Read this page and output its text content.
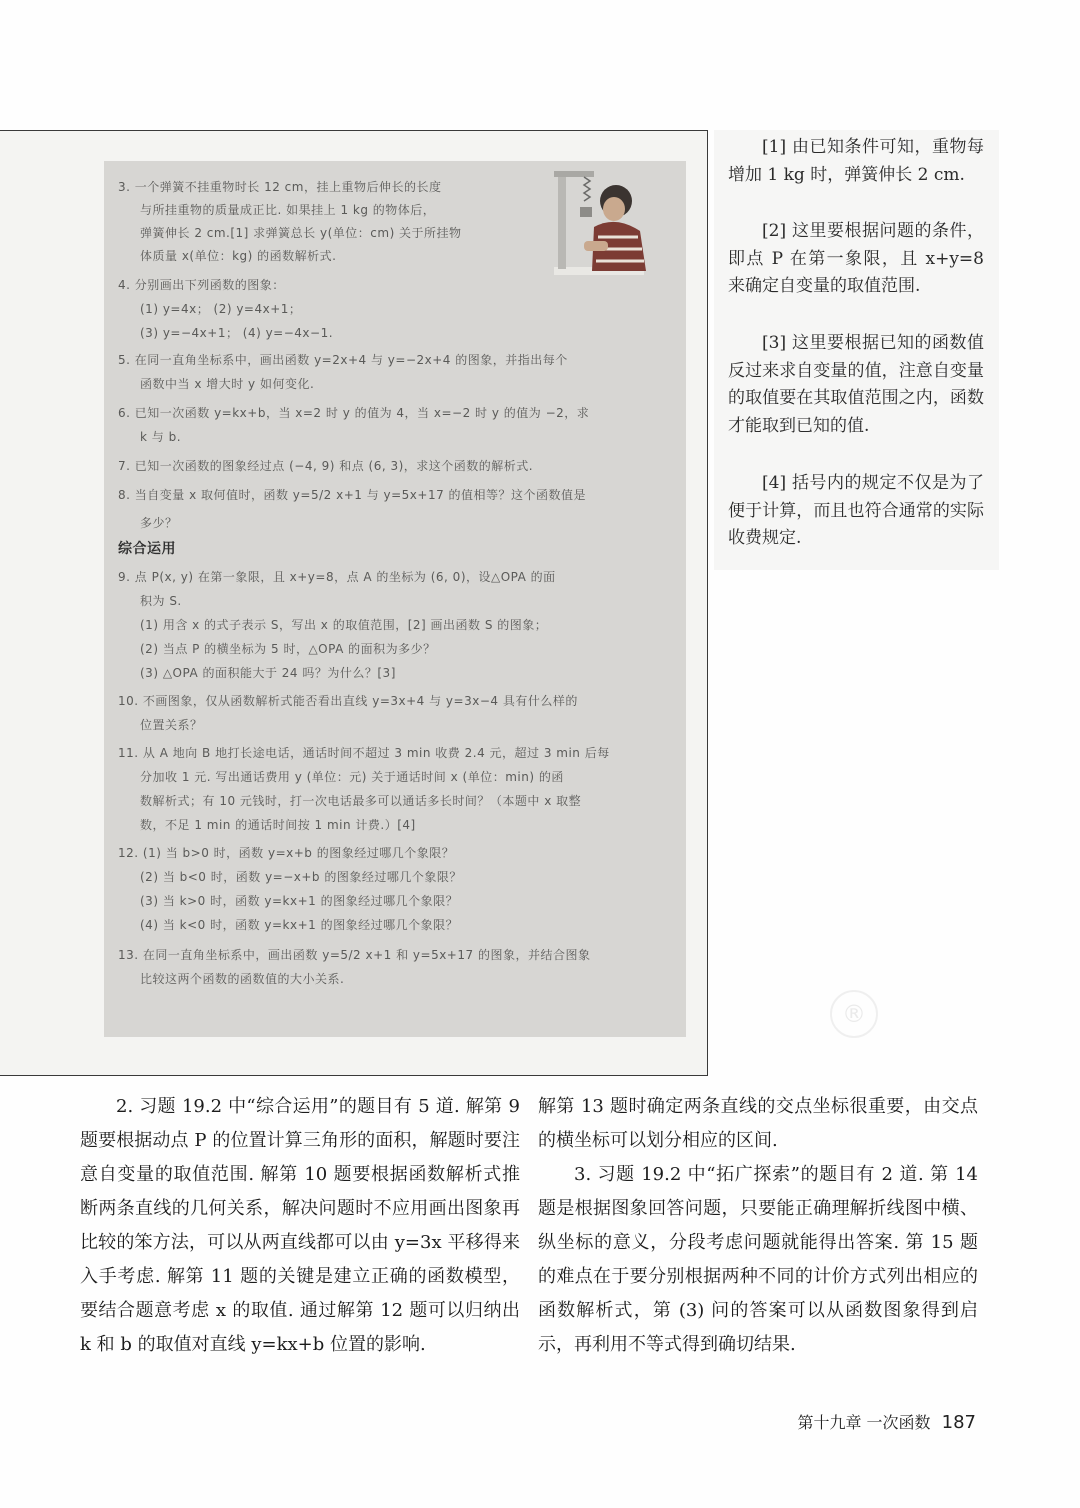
®
3. 一个弹簧不挂重物时长 12 cm，挂上重物后伸长的长度
与所挂重物的质量成正比. 如果挂上 1 kg 的物体后，
弹簧伸长 2 cm.[1] 求弹簧总长 y(单位：cm) 关于所挂物
体质量 x(单位：kg) 的函数解析式.
4. 分别画出下列函数的图象：
(1) y=4x； (2) y=4x+1；
(3) y=−4x+1； (4) y=−4x−1.
5. 在同一直角坐标系中，画出函数 y=2x+4 与 y=−2x+4 的图象，并指出每个
函数中当 x 增大时 y 如何变化.
6. 已知一次函数 y=kx+b，当 x=2 时 y 的值为 4，当 x=−2 时 y 的值为 −2，求
k 与 b.
7. 已知一次函数的图象经过点 (−4, 9) 和点 (6, 3)，求这个函数的解析式.
8. 当自变量 x 取何值时，函数 y=5/2 x+1 与 y=5x+17 的值相等？这个函数值是
多少？
综合运用
9. 点 P(x, y) 在第一象限，且 x+y=8，点 A 的坐标为 (6, 0)，设△OPA 的面
积为 S.
(1) 用含 x 的式子表示 S，写出 x 的取值范围，[2] 画出函数 S 的图象；
(2) 当点 P 的横坐标为 5 时，△OPA 的面积为多少？
(3) △OPA 的面积能大于 24 吗？为什么？[3]
10. 不画图象，仅从函数解析式能否看出直线 y=3x+4 与 y=3x−4 具有什么样的
位置关系？
11. 从 A 地向 B 地打长途电话，通话时间不超过 3 min 收费 2.4 元，超过 3 min 后每
分加收 1 元. 写出通话费用 y (单位：元) 关于通话时间 x (单位：min) 的函
数解析式；有 10 元钱时，打一次电话最多可以通话多长时间？（本题中 x 取整
数，不足 1 min 的通话时间按 1 min 计费.）[4]
12. (1) 当 b>0 时，函数 y=x+b 的图象经过哪几个象限？
(2) 当 b<0 时，函数 y=−x+b 的图象经过哪几个象限？
(3) 当 k>0 时，函数 y=kx+1 的图象经过哪几个象限？
(4) 当 k<0 时，函数 y=kx+1 的图象经过哪几个象限？
13. 在同一直角坐标系中，画出函数 y=5/2 x+1 和 y=5x+17 的图象，并结合图象
比较这两个函数的函数值的大小关系.
[1] 由已知条件可知，重物每增加 1 kg 时，弹簧伸长 2 cm.
[2] 这里要根据问题的条件，即点 P 在第一象限，且 x+y=8 来确定自变量的取值范围.
[3] 这里要根据已知的函数值反过来求自变量的值，注意自变量的取值要在其取值范围之内，函数才能取到已知的值.
[4] 括号内的规定不仅是为了便于计算，而且也符合通常的实际收费规定.

2. 习题 19.2 中“综合运用”的题目有 5 道. 解第 9 题要根据动点 P 的位置计算三角形的面积，解题时要注意自变量的取值范围. 解第 10 题要根据函数解析式推断两条直线的几何关系，解决问题时不应用画出图象再比较的笨方法，可以从两直线都可以由 y=3x 平移得来入手考虑. 解第 11 题的关键是建立正确的函数模型，要结合题意考虑 x 的取值. 通过解第 12 题可以归纳出 k 和 b 的取值对直线 y=kx+b 位置的影响.

解第 13 题时确定两条直线的交点坐标很重要，由交点的横坐标可以划分相应的区间.

3. 习题 19.2 中“拓广探索”的题目有 2 道. 第 14 题是根据图象回答问题，只要能正确理解折线图中横、纵坐标的意义，分段考虑问题就能得出答案. 第 15 题的难点在于要分别根据两种不同的计价方式列出相应的函数解析式，第 (3) 问的答案可以从函数图象得到启示，再利用不等式得到确切结果.

第十九章 一次函数 187
